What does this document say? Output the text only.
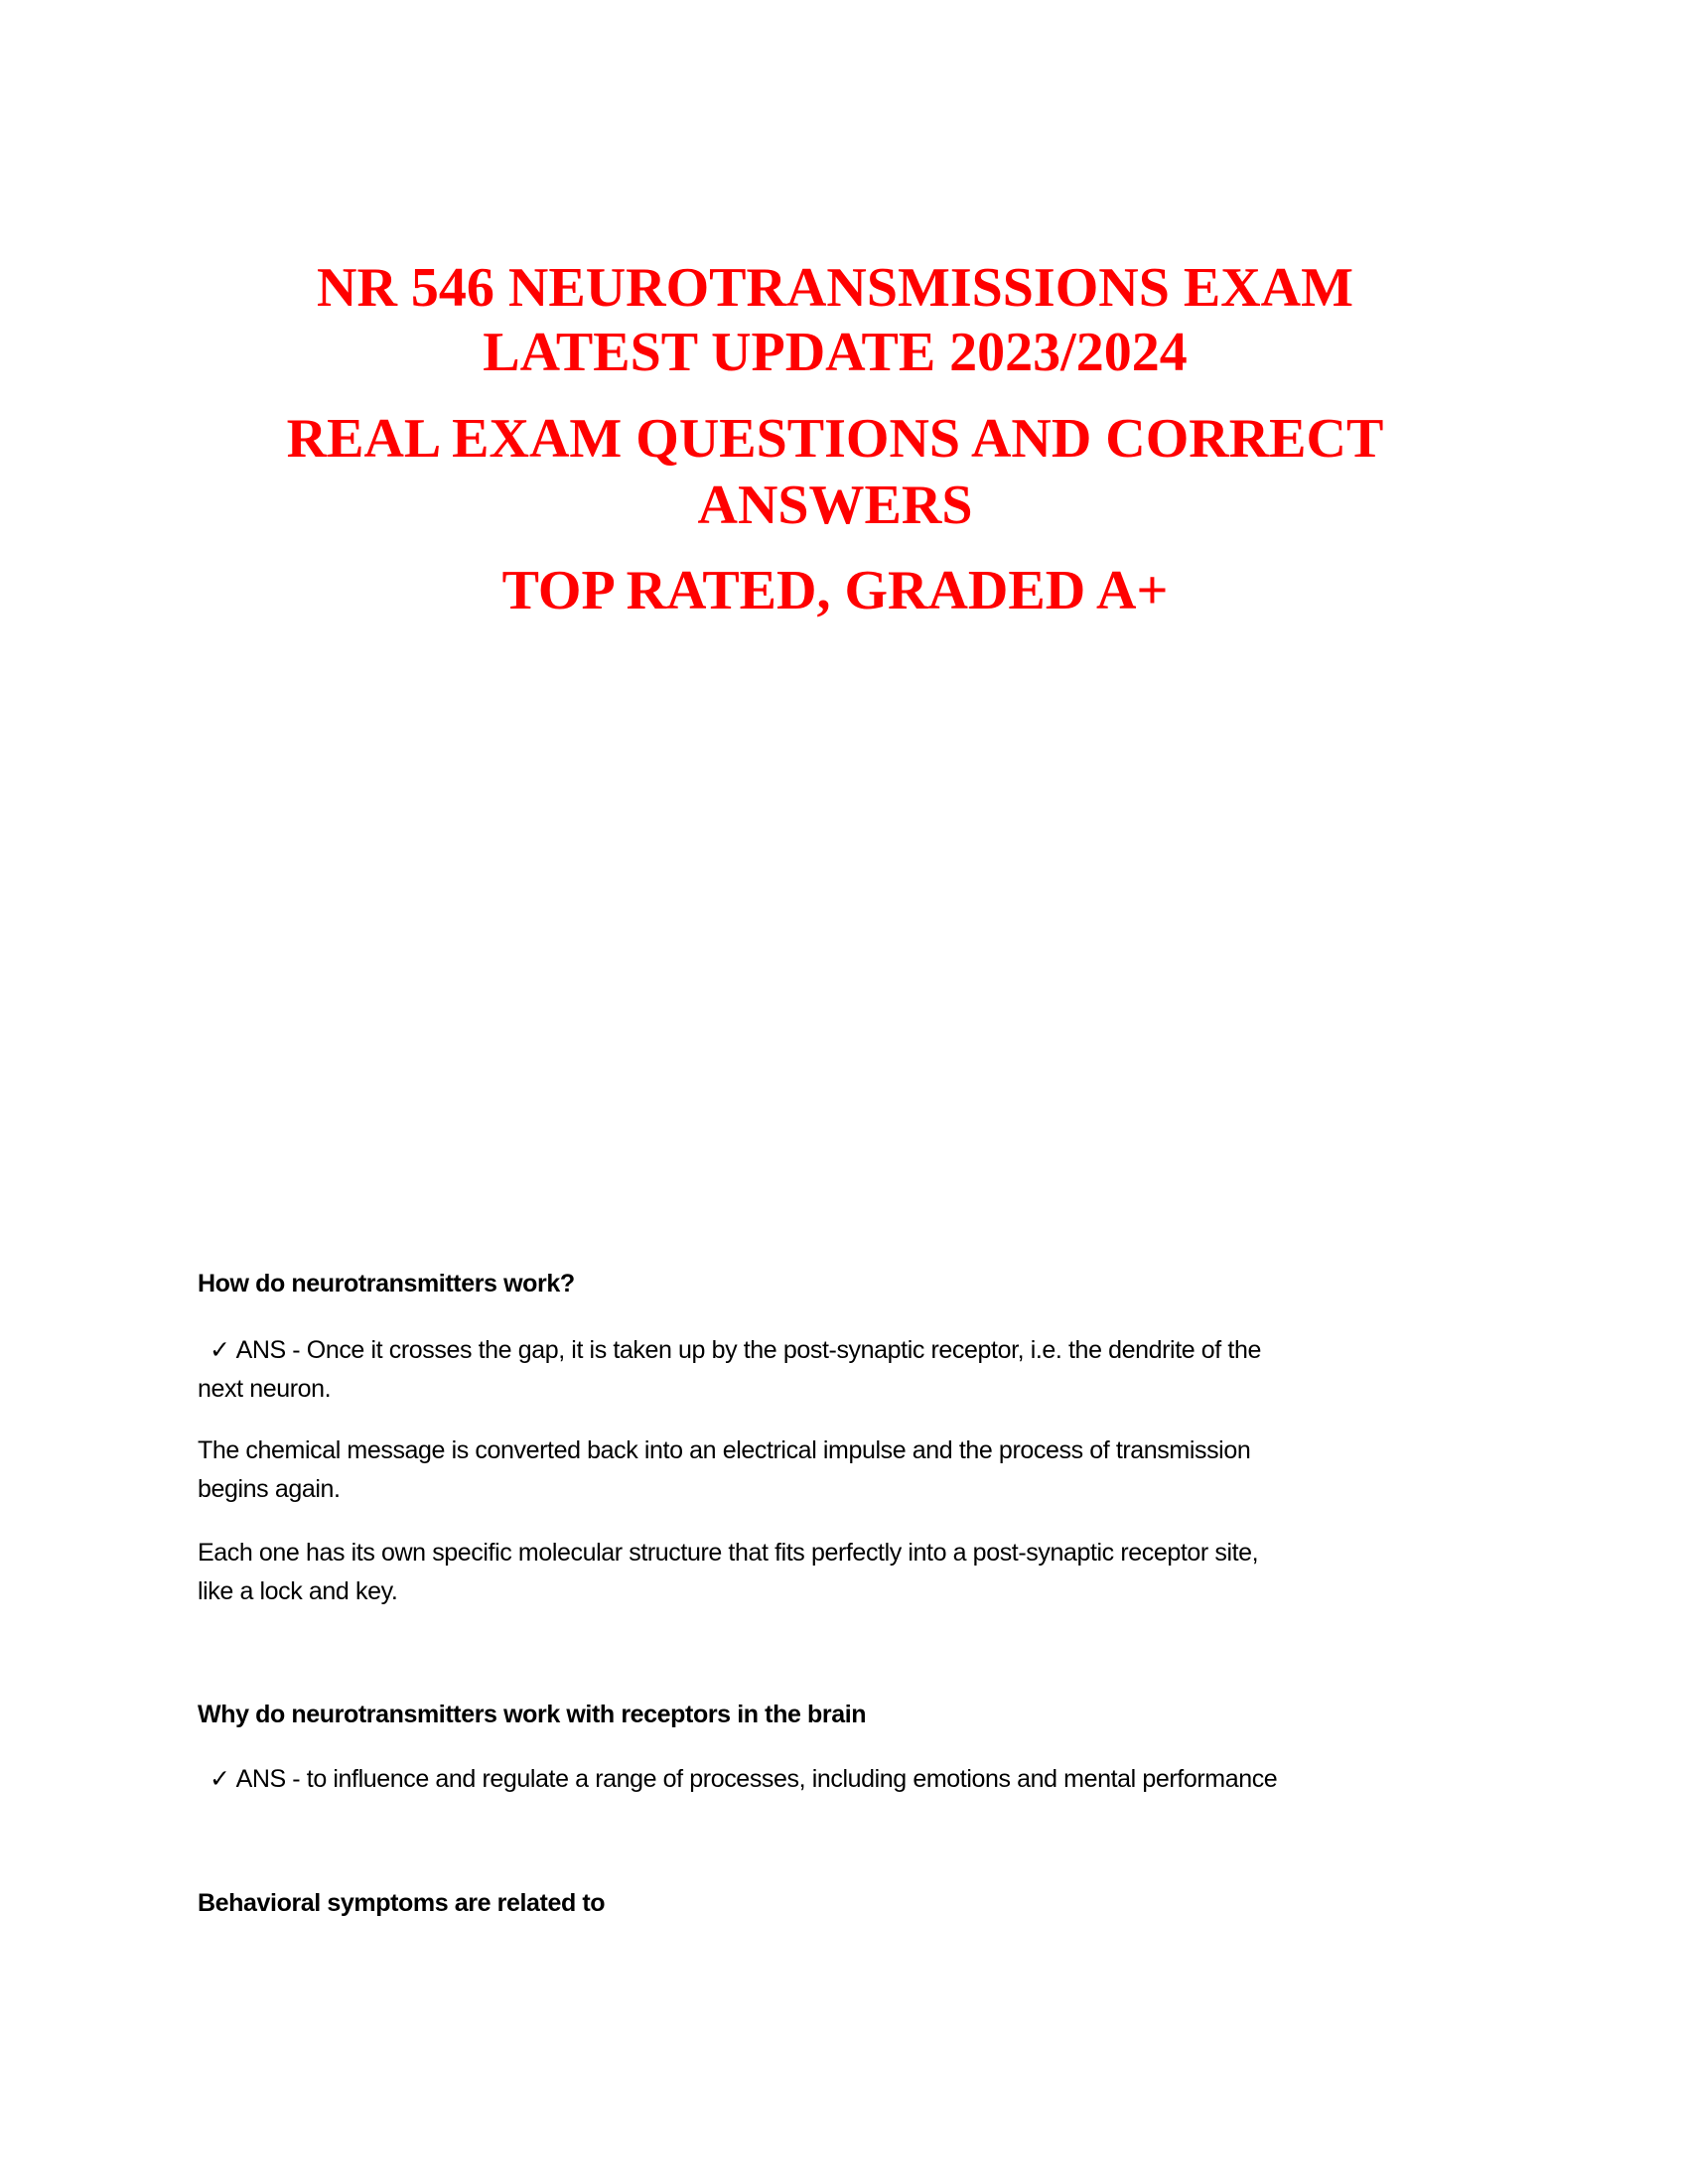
NR 546 NEUROTRANSMISSIONS EXAM
LATEST UPDATE 2023/2024
REAL EXAM QUESTIONS AND CORRECT
ANSWERS
TOP RATED, GRADED A+
How do neurotransmitters work?
✓ ANS - Once it crosses the gap, it is taken up by the post-synaptic receptor, i.e. the dendrite of the
next neuron.
The chemical message is converted back into an electrical impulse and the process of transmission
begins again.
Each one has its own specific molecular structure that fits perfectly into a post-synaptic receptor site,
like a lock and key.
Why do neurotransmitters work with receptors in the brain
✓ ANS - to influence and regulate a range of processes, including emotions and mental performance
Behavioral symptoms are related to
